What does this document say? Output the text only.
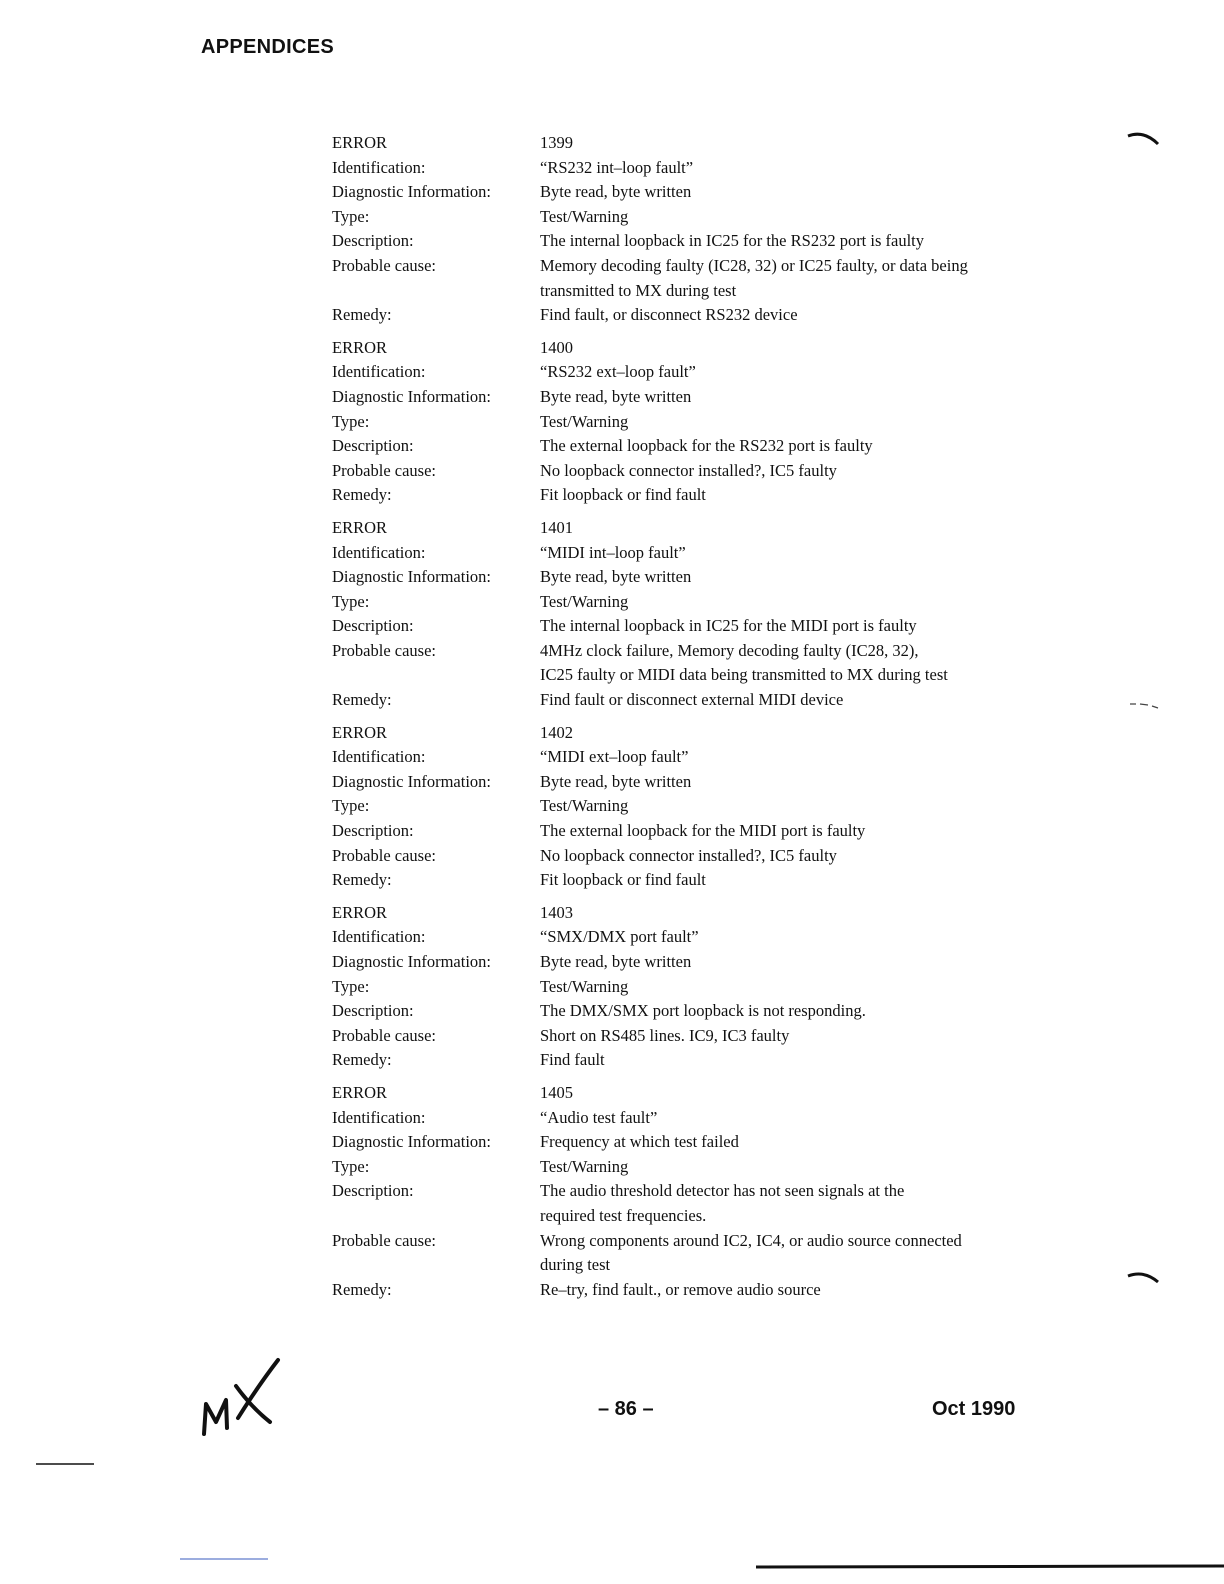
APPENDICES
ERROR	1399
Identification:	“RS232 int–loop fault”
Diagnostic Information:	Byte read, byte written
Type:	Test/Warning
Description:	The internal loopback in IC25 for the RS232 port is faulty
Probable cause:	Memory decoding faulty (IC28, 32) or IC25 faulty, or data being
transmitted to MX during test
Remedy:	Find fault, or disconnect RS232 device
ERROR	1400
Identification:	“RS232 ext–loop fault”
Diagnostic Information:	Byte read, byte written
Type:	Test/Warning
Description:	The external loopback for the RS232 port is faulty
Probable cause:	No loopback connector installed?, IC5 faulty
Remedy:	Fit loopback or find fault
ERROR	1401
Identification:	“MIDI int–loop fault”
Diagnostic Information:	Byte read, byte written
Type:	Test/Warning
Description:	The internal loopback in IC25 for the MIDI port is faulty
Probable cause:	4MHz clock failure, Memory decoding faulty (IC28, 32),
IC25 faulty or MIDI data being transmitted to MX during test
Remedy:	Find fault or disconnect external MIDI device
ERROR	1402
Identification:	“MIDI ext–loop fault”
Diagnostic Information:	Byte read, byte written
Type:	Test/Warning
Description:	The external loopback for the MIDI port is faulty
Probable cause:	No loopback connector installed?, IC5 faulty
Remedy:	Fit loopback or find fault
ERROR	1403
Identification:	“SMX/DMX port fault”
Diagnostic Information:	Byte read, byte written
Type:	Test/Warning
Description:	The DMX/SMX port loopback is not responding.
Probable cause:	Short on RS485 lines. IC9, IC3 faulty
Remedy:	Find fault
ERROR	1405
Identification:	“Audio test fault”
Diagnostic Information:	Frequency at which test failed
Type:	Test/Warning
Description:	The audio threshold detector has not seen signals at the
required test frequencies.
Probable cause:	Wrong components around IC2, IC4, or audio source connected
during test
Remedy:	Re–try, find fault., or remove audio source
– 86 –	Oct 1990
